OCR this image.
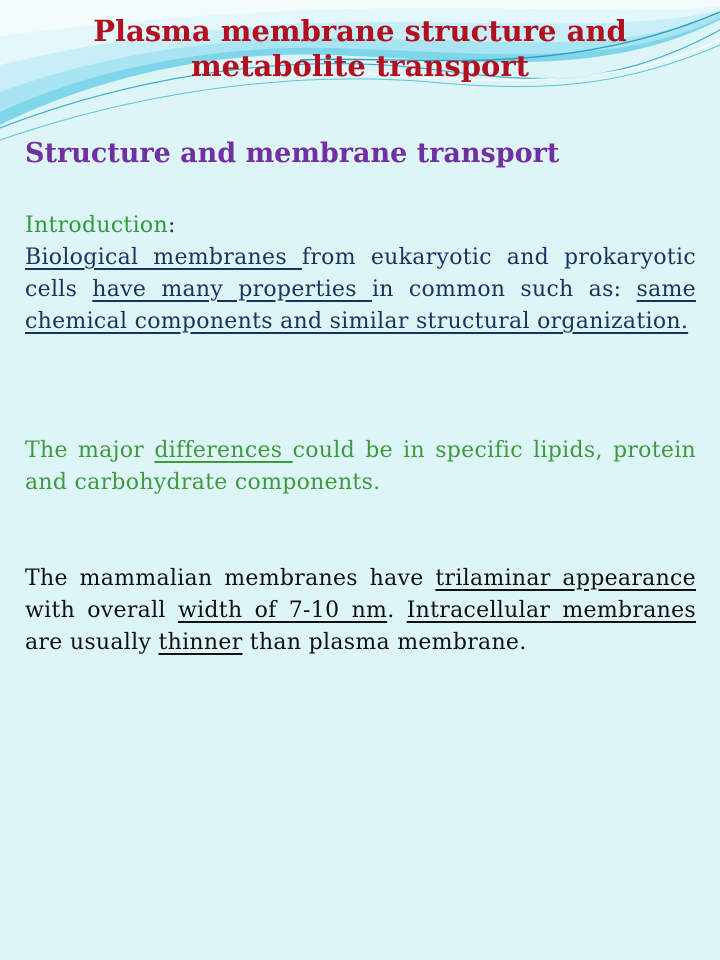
Plasma membrane structure and
metabolite transport
Structure and membrane transport
Introduction:
Biological membranes from eukaryotic and prokaryotic cells have many properties in common such as: same chemical components and similar structural organization.
The major differences could be in specific lipids, protein and carbohydrate components.
The mammalian membranes have trilaminar appearance with overall width of 7-10 nm. Intracellular membranes are usually thinner than plasma membrane.
